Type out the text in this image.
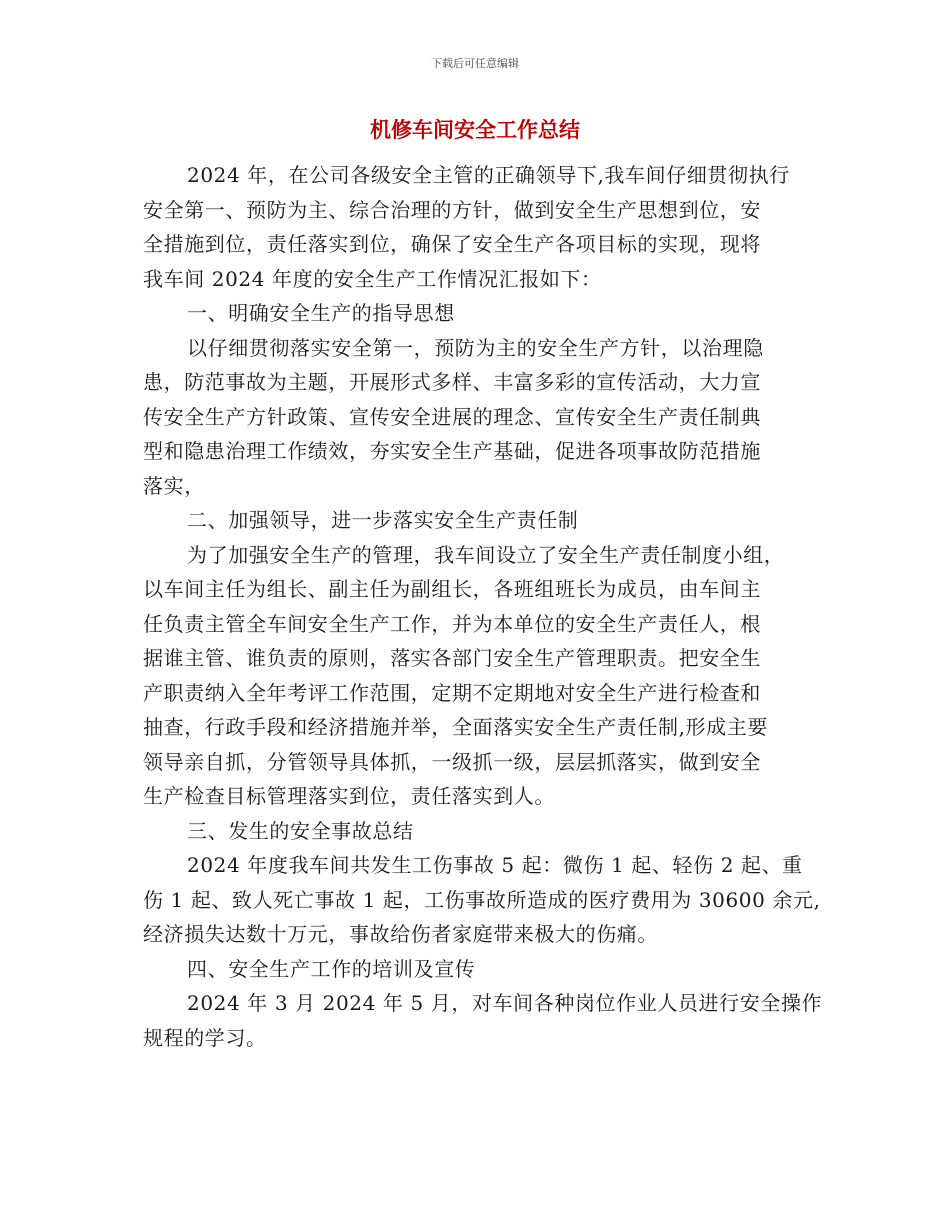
下载后可任意编辑
机修车间安全工作总结
2024 年，在公司各级安全主管的正确领导下,我车间仔细贯彻执行
安全第一、预防为主、综合治理的方针，做到安全生产思想到位，安
全措施到位，责任落实到位，确保了安全生产各项目标的实现，现将
我车间 2024 年度的安全生产工作情况汇报如下：
一、明确安全生产的指导思想
以仔细贯彻落实安全第一，预防为主的安全生产方针，以治理隐
患，防范事故为主题，开展形式多样、丰富多彩的宣传活动，大力宣
传安全生产方针政策、宣传安全进展的理念、宣传安全生产责任制典
型和隐患治理工作绩效，夯实安全生产基础，促进各项事故防范措施
落实，
二、加强领导，进一步落实安全生产责任制
为了加强安全生产的管理，我车间设立了安全生产责任制度小组，
以车间主任为组长、副主任为副组长，各班组班长为成员，由车间主
任负责主管全车间安全生产工作，并为本单位的安全生产责任人，根
据谁主管、谁负责的原则，落实各部门安全生产管理职责。把安全生
产职责纳入全年考评工作范围，定期不定期地对安全生产进行检查和
抽查，行政手段和经济措施并举，全面落实安全生产责任制,形成主要
领导亲自抓，分管领导具体抓，一级抓一级，层层抓落实，做到安全
生产检查目标管理落实到位，责任落实到人。
三、发生的安全事故总结
2024 年度我车间共发生工伤事故 5 起：微伤 1 起、轻伤 2 起、重
伤 1 起、致人死亡事故 1 起，工伤事故所造成的医疗费用为 30600 余元,
经济损失达数十万元，事故给伤者家庭带来极大的伤痛。
四、安全生产工作的培训及宣传
2024 年 3 月 2024 年 5 月，对车间各种岗位作业人员进行安全操作
规程的学习。
